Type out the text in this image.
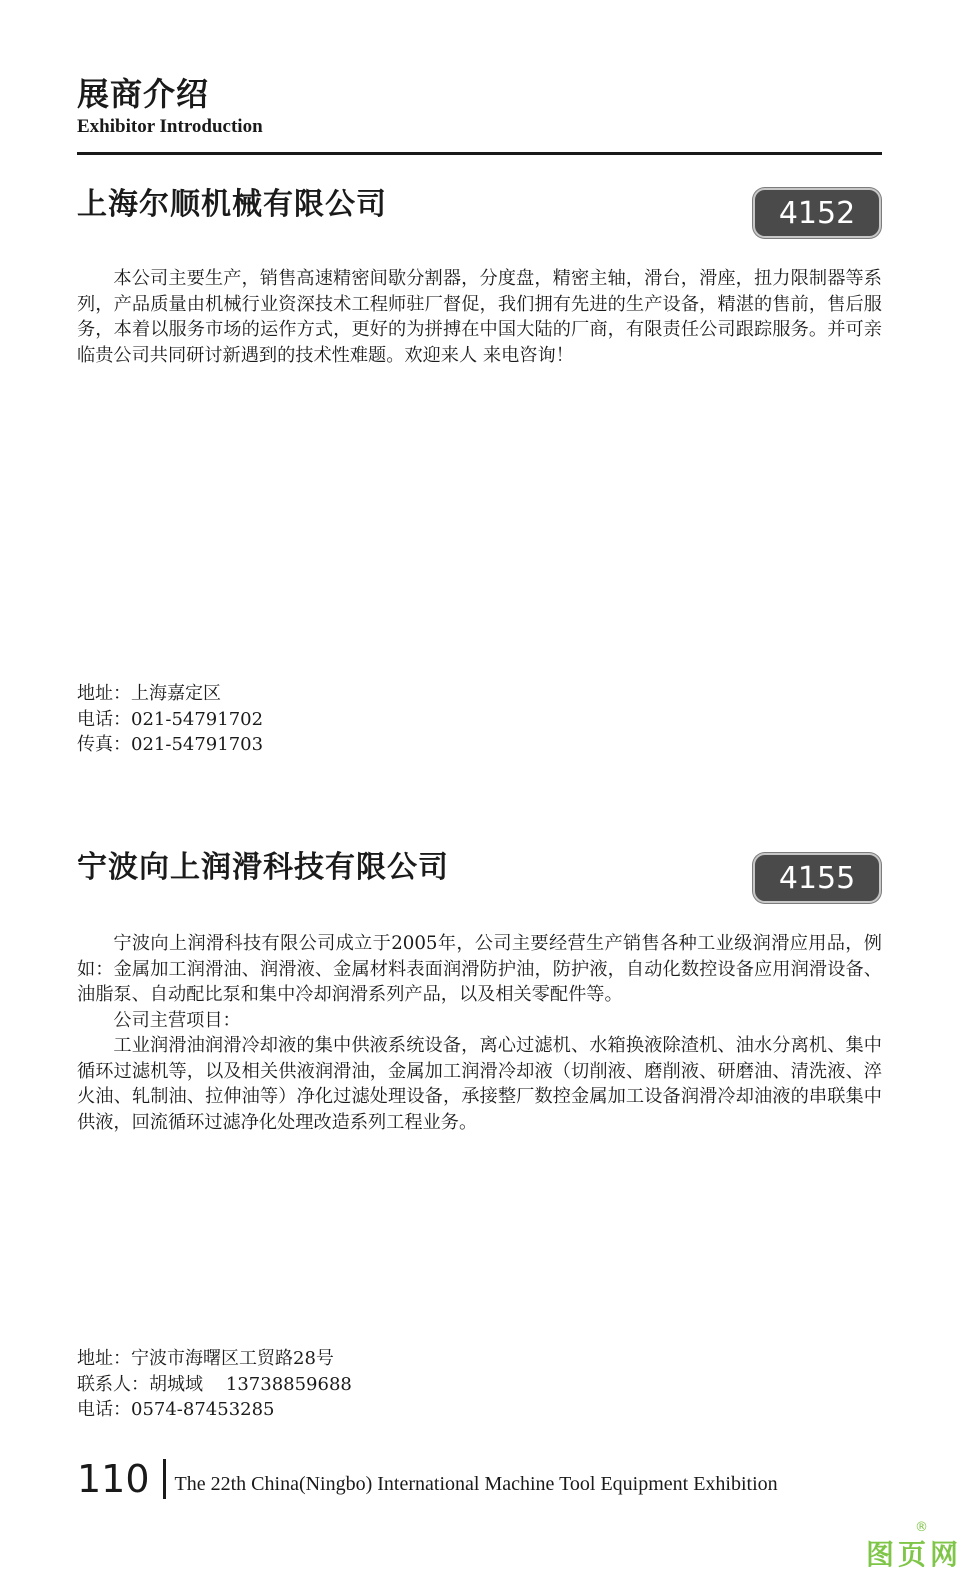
展商介绍
Exhibitor Introduction
上海尔顺机械有限公司	4152

本公司主要生产，销售高速精密间歇分割器，分度盘，精密主轴，滑台，滑座，扭力限制器等系列，产品质量由机械行业资深技术工程师驻厂督促，我们拥有先进的生产设备，精湛的售前，售后服务，本着以服务市场的运作方式，更好的为拼搏在中国大陆的厂商，有限责任公司跟踪服务。并可亲临贵公司共同研讨新遇到的技术性难题。欢迎来人 来电咨询！

地址：上海嘉定区
电话：021-54791702
传真：021-54791703
宁波向上润滑科技有限公司	4155

宁波向上润滑科技有限公司成立于2005年，公司主要经营生产销售各种工业级润滑应用品，例如：金属加工润滑油、润滑液、金属材料表面润滑防护油，防护液，自动化数控设备应用润滑设备、油脂泵、自动配比泵和集中冷却润滑系列产品，以及相关零配件等。

公司主营项目：

工业润滑油润滑冷却液的集中供液系统设备，离心过滤机、水箱换液除渣机、油水分离机、集中循环过滤机等，以及相关供液润滑油，金属加工润滑冷却液（切削液、磨削液、研磨油、清洗液、淬火油、轧制油、拉伸油等）净化过滤处理设备，承接整厂数控金属加工设备润滑冷却油液的串联集中供液，回流循环过滤净化处理改造系列工程业务。

地址：宁波市海曙区工贸路28号
联系人：胡城域    13738859688
电话：0574-87453285
110 The 22th China(Ningbo) International Machine Tool Equipment Exhibition
®
图页网
